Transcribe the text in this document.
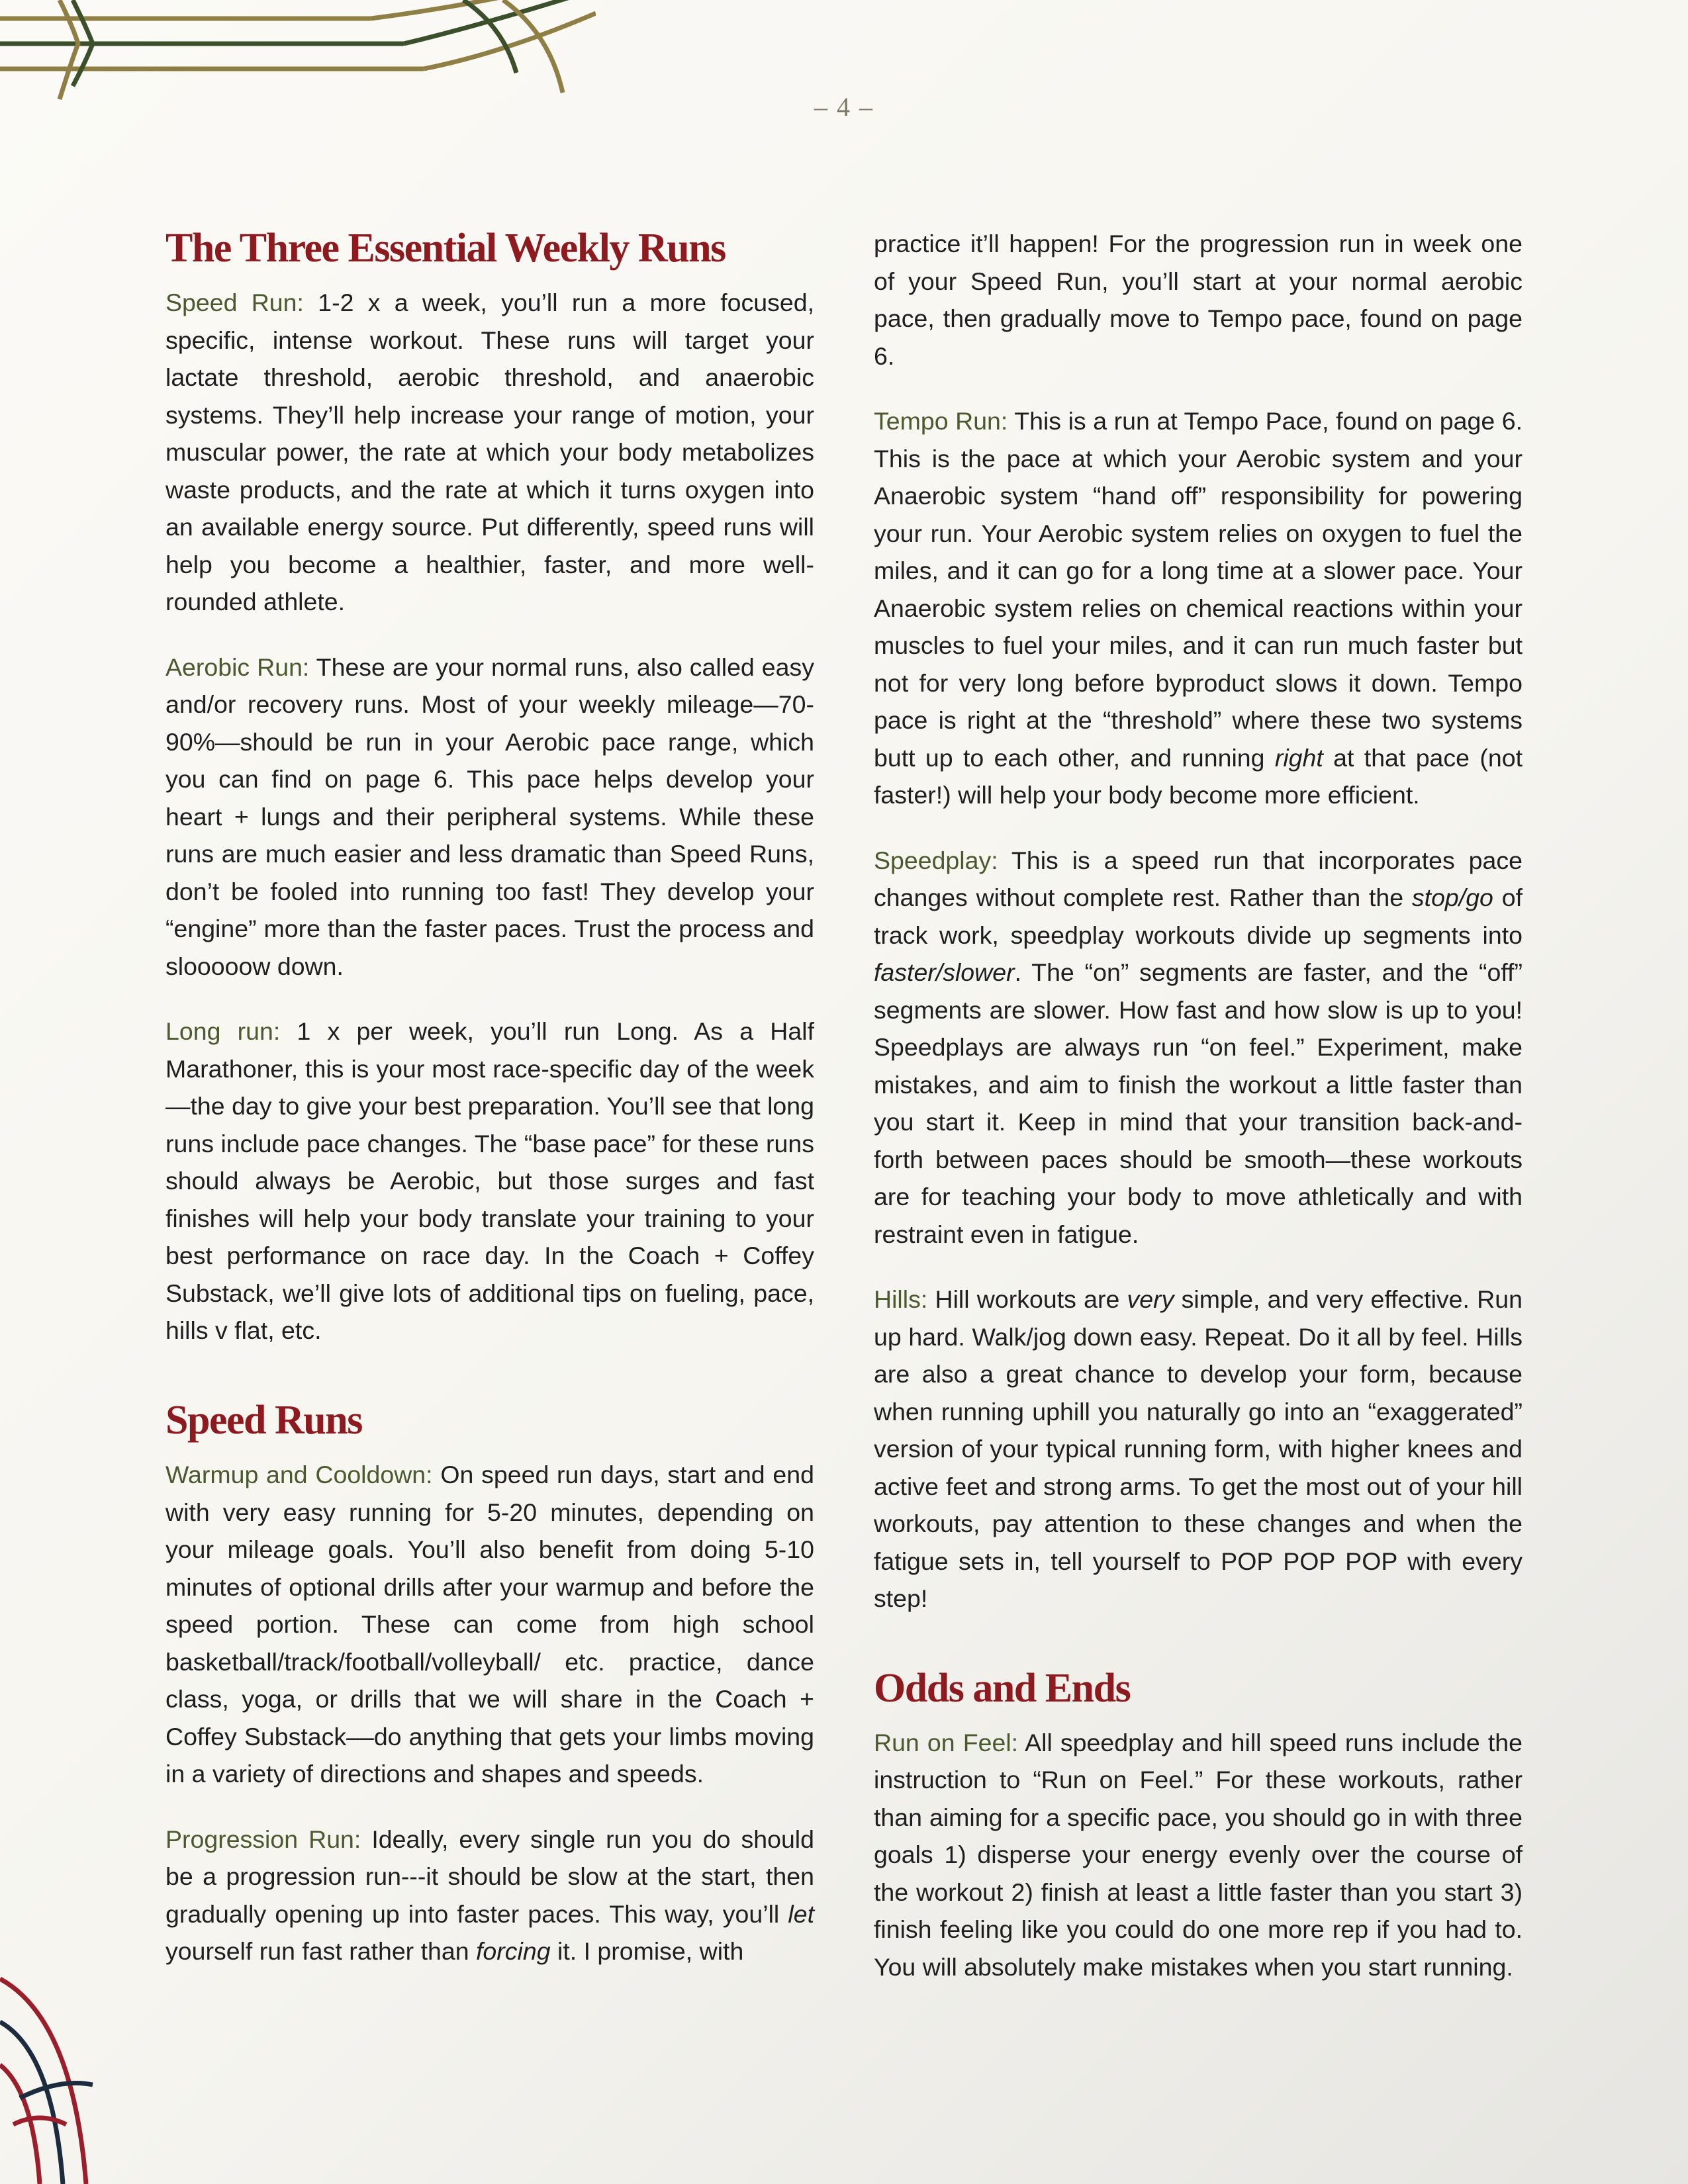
– 4 –
The Three Essential Weekly Runs

Speed Run: 1-2 x a week, you’ll run a more focused, specific, intense workout. These runs will target your lactate threshold, aerobic threshold, and anaerobic systems. They’ll help increase your range of motion, your muscular power, the rate at which your body metabolizes waste products, and the rate at which it turns oxygen into an available energy source. Put differently, speed runs will help you become a healthier, faster, and more well-rounded athlete.

Aerobic Run: These are your normal runs, also called easy and/or recovery runs. Most of your weekly mileage—70-90%—should be run in your Aerobic pace range, which you can find on page 6. This pace helps develop your heart + lungs and their peripheral systems. While these runs are much easier and less dramatic than Speed Runs, don’t be fooled into running too fast! They develop your “engine” more than the faster paces. Trust the process and slooooow down.

Long run: 1 x per week, you’ll run Long. As a Half Marathoner, this is your most race-specific day of the week—the day to give your best preparation. You’ll see that long runs include pace changes. The “base pace” for these runs should always be Aerobic, but those surges and fast finishes will help your body translate your training to your best performance on race day. In the Coach + Coffey Substack, we’ll give lots of additional tips on fueling, pace, hills v flat, etc.

Speed Runs

Warmup and Cooldown: On speed run days, start and end with very easy running for 5-20 minutes, depending on your mileage goals. You’ll also benefit from doing 5-10 minutes of optional drills after your warmup and before the speed portion. These can come from high school basketball/track/football/volleyball/ etc. practice, dance class, yoga, or drills that we will share in the Coach + Coffey Substack––do anything that gets your limbs moving in a variety of directions and shapes and speeds.

Progression Run: Ideally, every single run you do should be a progression run---it should be slow at the start, then gradually opening up into faster paces. This way, you’ll let yourself run fast rather than forcing it. I promise, with

practice it’ll happen! For the progression run in week one of your Speed Run, you’ll start at your normal aerobic pace, then gradually move to Tempo pace, found on page 6.

Tempo Run: This is a run at Tempo Pace, found on page 6. This is the pace at which your Aerobic system and your Anaerobic system “hand off” responsibility for powering your run. Your Aerobic system relies on oxygen to fuel the miles, and it can go for a long time at a slower pace. Your Anaerobic system relies on chemical reactions within your muscles to fuel your miles, and it can run much faster but not for very long before byproduct slows it down. Tempo pace is right at the “threshold” where these two systems butt up to each other, and running right at that pace (not faster!) will help your body become more efficient.

Speedplay: This is a speed run that incorporates pace changes without complete rest. Rather than the stop/go of track work, speedplay workouts divide up segments into faster/slower. The “on” segments are faster, and the “off” segments are slower. How fast and how slow is up to you! Speedplays are always run “on feel.” Experiment, make mistakes, and aim to finish the workout a little faster than you start it. Keep in mind that your transition back-and-forth between paces should be smooth—these workouts are for teaching your body to move athletically and with restraint even in fatigue.

Hills: Hill workouts are very simple, and very effective. Run up hard. Walk/jog down easy. Repeat. Do it all by feel. Hills are also a great chance to develop your form, because when running uphill you naturally go into an “exaggerated” version of your typical running form, with higher knees and active feet and strong arms. To get the most out of your hill workouts, pay attention to these changes and when the fatigue sets in, tell yourself to POP POP POP with every step!

Odds and Ends

Run on Feel: All speedplay and hill speed runs include the instruction to “Run on Feel.” For these workouts, rather than aiming for a specific pace, you should go in with three goals 1) disperse your energy evenly over the course of the workout 2) finish at least a little faster than you start 3) finish feeling like you could do one more rep if you had to. You will absolutely make mistakes when you start running.
